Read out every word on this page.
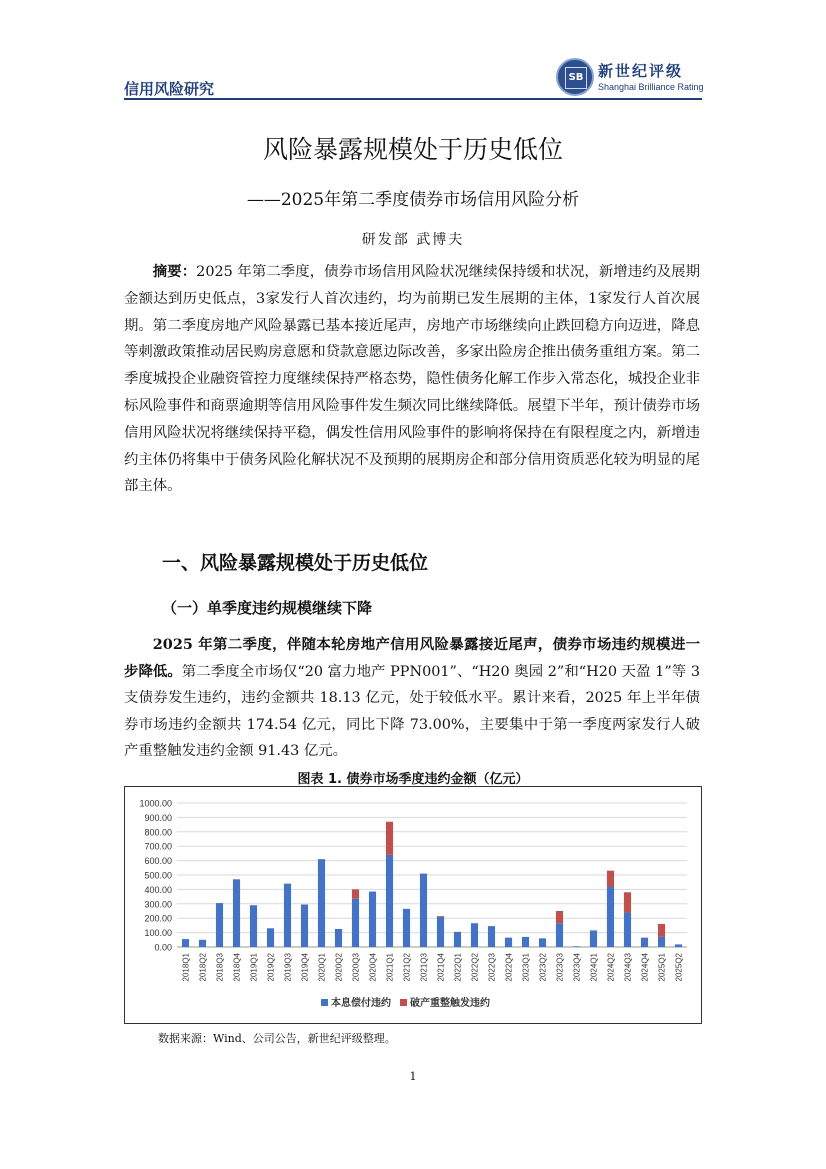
信用风险研究
SB 新世纪评级
Shanghai Brilliance Rating
风险暴露规模处于历史低位
——2025年第二季度债券市场信用风险分析
研发部 武博夫
摘要：2025 年第二季度，债券市场信用风险状况继续保持缓和状况，新增违约及展期金额达到历史低点，3家发行人首次违约，均为前期已发生展期的主体，1家发行人首次展期。第二季度房地产风险暴露已基本接近尾声，房地产市场继续向止跌回稳方向迈进，降息等刺激政策推动居民购房意愿和贷款意愿边际改善，多家出险房企推出债务重组方案。第二季度城投企业融资管控力度继续保持严格态势，隐性债务化解工作步入常态化，城投企业非标风险事件和商票逾期等信用风险事件发生频次同比继续降低。展望下半年，预计债券市场信用风险状况将继续保持平稳，偶发性信用风险事件的影响将保持在有限程度之内，新增违约主体仍将集中于债务风险化解状况不及预期的展期房企和部分信用资质恶化较为明显的尾部主体。
一、风险暴露规模处于历史低位
（一）单季度违约规模继续下降
2025 年第二季度，伴随本轮房地产信用风险暴露接近尾声，债券市场违约规模进一步降低。第二季度全市场仅“20 富力地产 PPN001”、“H20 奥园 2”和“H20 天盈 1”等 3 支债券发生违约，违约金额共 18.13 亿元，处于较低水平。累计来看，2025 年上半年债券市场违约金额共 174.54 亿元，同比下降 73.00%，主要集中于第一季度两家发行人破产重整触发违约金额 91.43 亿元。
图表 1. 债券市场季度违约金额（亿元）
0.00
100.00
200.00
300.00
400.00
500.00
600.00
700.00
800.00
900.00
1000.00
2018Q1 2018Q2 2018Q3 2018Q4 2019Q1 2019Q2 2019Q3 2019Q4 2020Q1 2020Q2 2020Q3 2020Q4 2021Q1 2021Q2 2021Q3 2021Q4 2022Q1 2022Q2 2022Q3 2022Q4 2023Q1 2023Q2 2023Q3 2023Q4 2024Q1 2024Q2 2024Q3 2024Q4 2025Q1 2025Q2
本息偿付违约 破产重整触发违约
数据来源：Wind、公司公告，新世纪评级整理。
1
